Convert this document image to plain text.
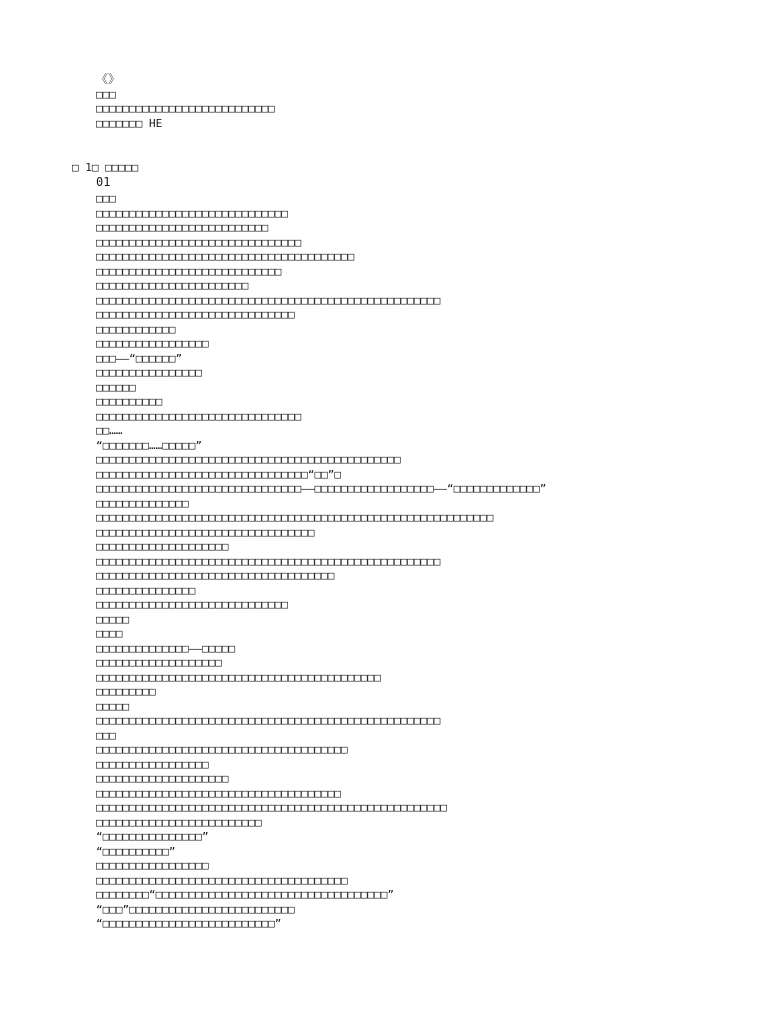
《》

□□□

□□□□□□□□□□□□□□□□□□□□□□□□□□□

□□□□□□□ HE

□ 1□ □□□□□

01

□□□

□□□□□□□□□□□□□□□□□□□□□□□□□□□□□

□□□□□□□□□□□□□□□□□□□□□□□□□□

□□□□□□□□□□□□□□□□□□□□□□□□□□□□□□□

□□□□□□□□□□□□□□□□□□□□□□□□□□□□□□□□□□□□□□□

□□□□□□□□□□□□□□□□□□□□□□□□□□□□

□□□□□□□□□□□□□□□□□□□□□□□

□□□□□□□□□□□□□□□□□□□□□□□□□□□□□□□□□□□□□□□□□□□□□□□□□□□□

□□□□□□□□□□□□□□□□□□□□□□□□□□□□□□

□□□□□□□□□□□□

□□□□□□□□□□□□□□□□□

□□□——“□□□□□□”

□□□□□□□□□□□□□□□□

□□□□□□

□□□□□□□□□□

□□□□□□□□□□□□□□□□□□□□□□□□□□□□□□□

□□……

“□□□□□□□……□□□□□”

□□□□□□□□□□□□□□□□□□□□□□□□□□□□□□□□□□□□□□□□□□□□□□

□□□□□□□□□□□□□□□□□□□□□□□□□□□□□□□□“□□”□

□□□□□□□□□□□□□□□□□□□□□□□□□□□□□□□——□□□□□□□□□□□□□□□□□□——“□□□□□□□□□□□□□”

□□□□□□□□□□□□□□

□□□□□□□□□□□□□□□□□□□□□□□□□□□□□□□□□□□□□□□□□□□□□□□□□□□□□□□□□□□□

□□□□□□□□□□□□□□□□□□□□□□□□□□□□□□□□□

□□□□□□□□□□□□□□□□□□□□

□□□□□□□□□□□□□□□□□□□□□□□□□□□□□□□□□□□□□□□□□□□□□□□□□□□□

□□□□□□□□□□□□□□□□□□□□□□□□□□□□□□□□□□□□

□□□□□□□□□□□□□□□

□□□□□□□□□□□□□□□□□□□□□□□□□□□□□

□□□□□

□□□□

□□□□□□□□□□□□□□——□□□□□

□□□□□□□□□□□□□□□□□□□

□□□□□□□□□□□□□□□□□□□□□□□□□□□□□□□□□□□□□□□□□□□

□□□□□□□□□

□□□□□

□□□□□□□□□□□□□□□□□□□□□□□□□□□□□□□□□□□□□□□□□□□□□□□□□□□□

□□□

□□□□□□□□□□□□□□□□□□□□□□□□□□□□□□□□□□□□□□

□□□□□□□□□□□□□□□□□

□□□□□□□□□□□□□□□□□□□□

□□□□□□□□□□□□□□□□□□□□□□□□□□□□□□□□□□□□□

□□□□□□□□□□□□□□□□□□□□□□□□□□□□□□□□□□□□□□□□□□□□□□□□□□□□□

□□□□□□□□□□□□□□□□□□□□□□□□□

“□□□□□□□□□□□□□□□”

“□□□□□□□□□□”

□□□□□□□□□□□□□□□□□

□□□□□□□□□□□□□□□□□□□□□□□□□□□□□□□□□□□□□□

□□□□□□□□“□□□□□□□□□□□□□□□□□□□□□□□□□□□□□□□□□□□”

“□□□”□□□□□□□□□□□□□□□□□□□□□□□□□

“□□□□□□□□□□□□□□□□□□□□□□□□□□”
